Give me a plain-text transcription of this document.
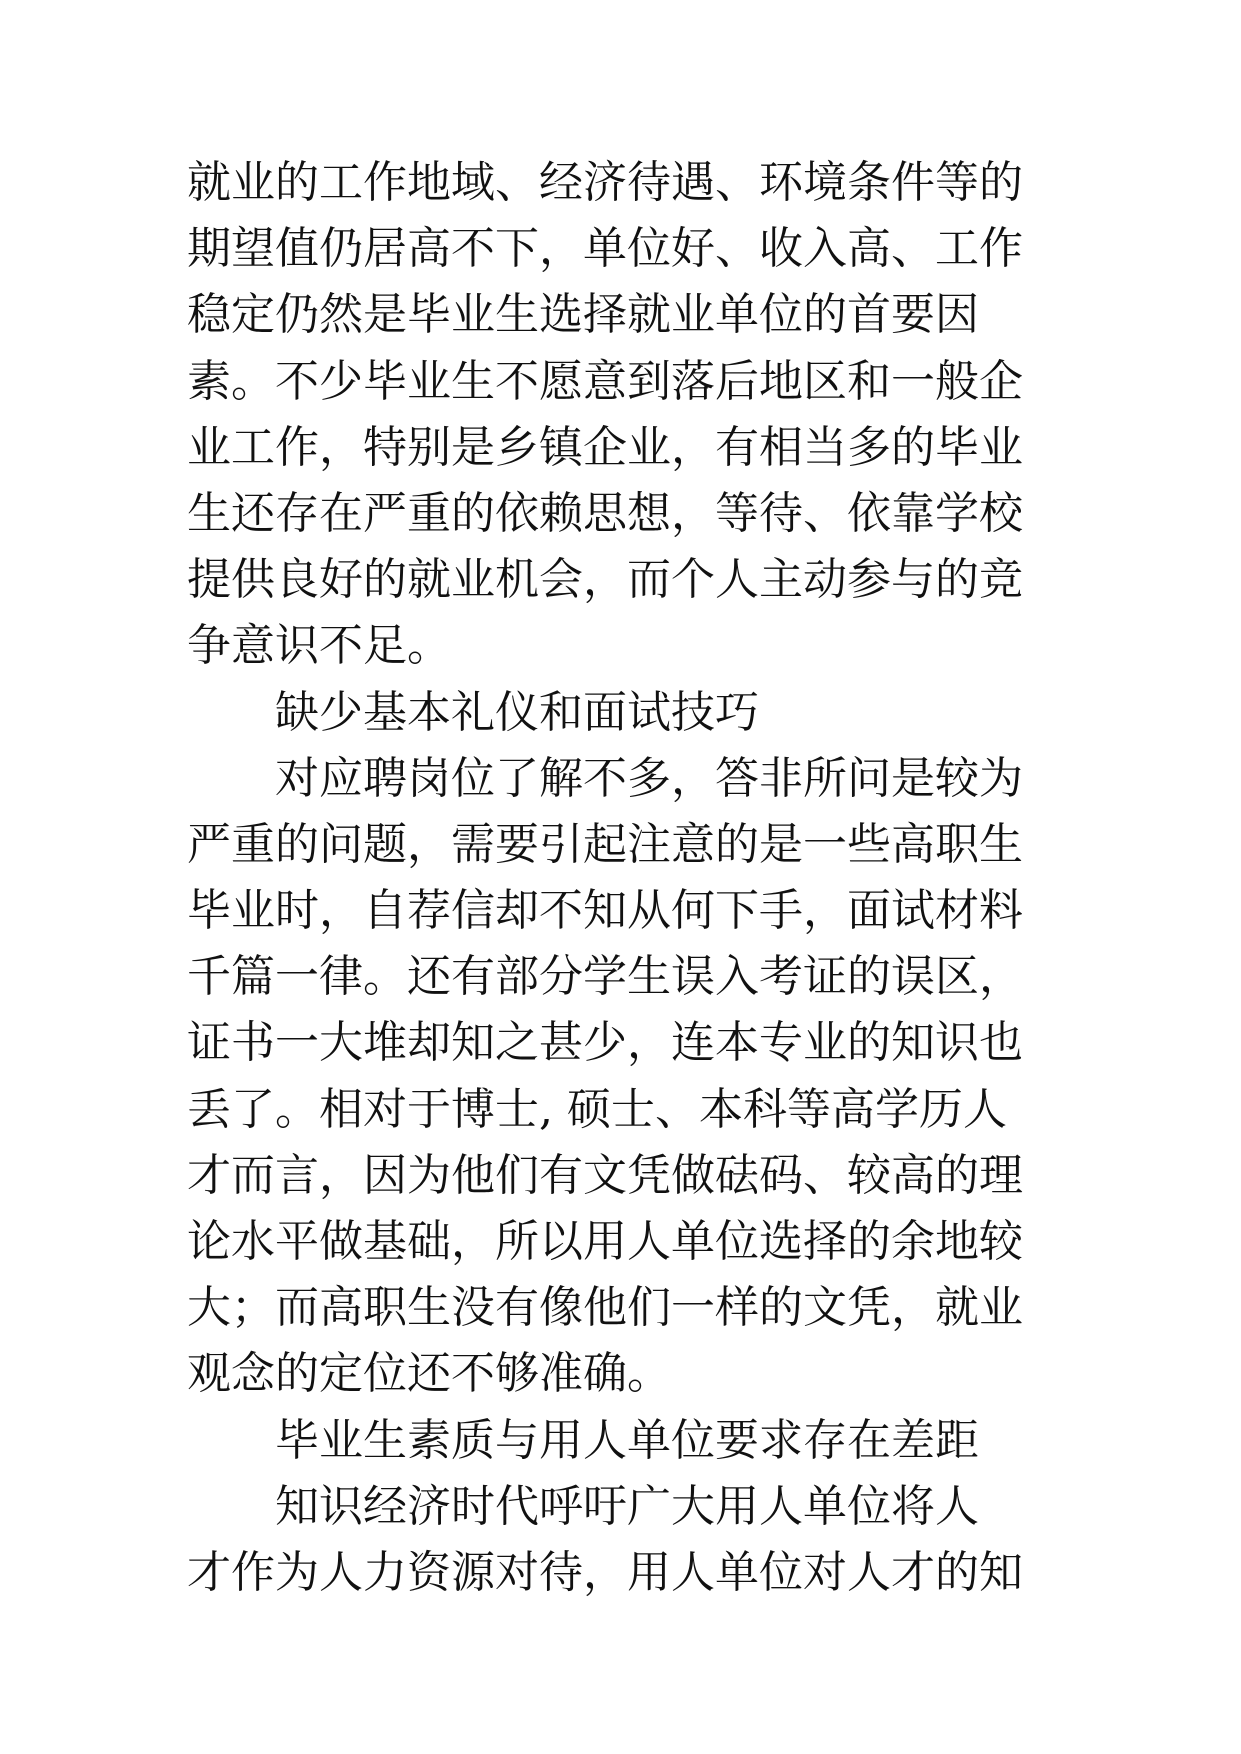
就业的工作地域、经济待遇、环境条件等的
期望值仍居高不下，单位好、收入高、工作
稳定仍然是毕业生选择就业单位的首要因
素。不少毕业生不愿意到落后地区和一般企
业工作，特别是乡镇企业，有相当多的毕业
生还存在严重的依赖思想，等待、依靠学校
提供良好的就业机会，而个人主动参与的竞
争意识不足。
缺少基本礼仪和面试技巧
对应聘岗位了解不多，答非所问是较为
严重的问题，需要引起注意的是一些高职生
毕业时，自荐信却不知从何下手，面试材料
千篇一律。还有部分学生误入考证的误区，
证书一大堆却知之甚少，连本专业的知识也
丢了。相对于博士, 硕士、本科等高学历人
才而言，因为他们有文凭做砝码、较高的理
论水平做基础，所以用人单位选择的余地较
大；而高职生没有像他们一样的文凭，就业
观念的定位还不够准确。
毕业生素质与用人单位要求存在差距
知识经济时代呼吁广大用人单位将人
才作为人力资源对待，用人单位对人才的知
